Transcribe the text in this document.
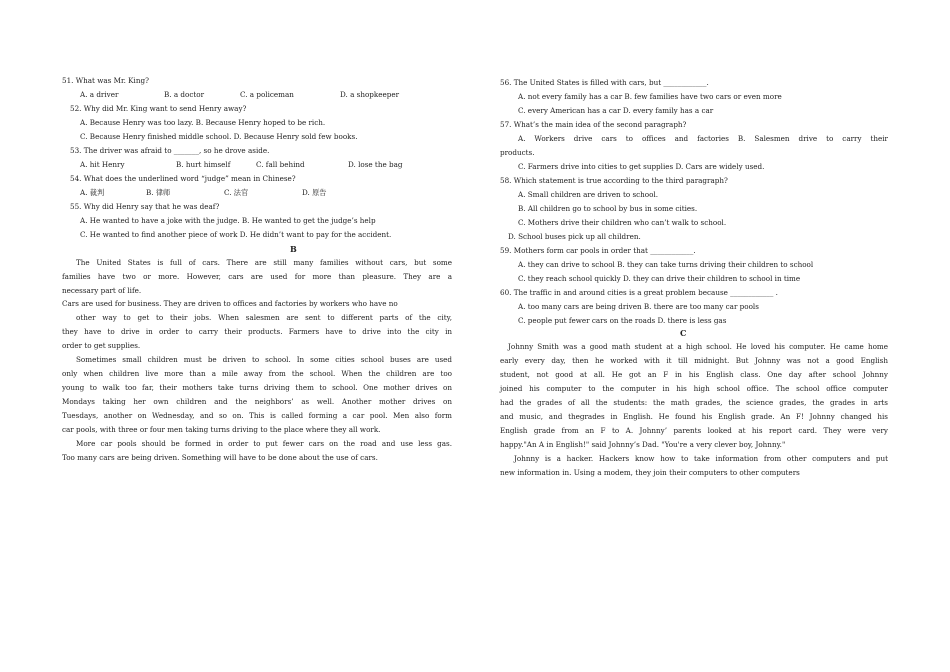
51. What was Mr. King?
A. a driver	B. a doctor	C. a policeman	D. a shopkeeper
52. Why did Mr. King want to send Henry away?
A. Because Henry was too lazy. B. Because Henry hoped to be rich.
C. Because Henry finished middle school. D. Because Henry sold few books.
53. The driver was afraid to _______, so he drove aside.
A. hit Henry	B. hurt himself	C. fall behind	D. lose the bag
54. What does the underlined word “judge” mean in Chinese?
A. 裁判	B. 律师	C. 法官	D. 原告
55. Why did Henry say that he was deaf?
A. He wanted to have a joke with the judge. B. He wanted to get the judge’s help
C. He wanted to find another piece of work D. He didn’t want to pay for the accident.
B
The United States is full of cars. There are still many families without cars, but some
families have two or more. However, cars are used for more than pleasure. They are a
necessary part of life.
Cars are used for business. They are driven to offices and factories by workers who have no
other way to get to their jobs. When salesmen are sent to different parts of the city,
they have to drive in order to carry their products. Farmers have to drive into the city in
order to get supplies.
Sometimes small children must be driven to school. In some cities school buses are used
only when children live more than a mile away from the school. When the children are too
young to walk too far, their mothers take turns driving them to school. One mother drives on
Mondays taking her own children and the neighbors’ as well. Another mother drives on
Tuesdays, another on Wednesday, and so on. This is called forming a car pool. Men also form
car pools, with three or four men taking turns driving to the place where they all work.
More car pools should be formed in order to put fewer cars on the road and use less gas.
Too many cars are being driven. Something will have to be done about the use of cars.
56. The United States is filled with cars, but ____________.
A. not every family has a car B. few families have two cars or even more
C. every American has a car D. every family has a car
57. What’s the main idea of the second paragraph?
A. Workers drive cars to offices and factories B. Salesmen drive to carry their
products.
C. Farmers drive into cities to get supplies D. Cars are widely used.
58. Which statement is true according to the third paragraph?
A. Small children are driven to school.
B. All children go to school by bus in some cities.
C. Mothers drive their children who can’t walk to school.
D. School buses pick up all children.
59. Mothers form car pools in order that ____________.
A. they can drive to school B. they can take turns driving their children to school
C. they reach school quickly D. they can drive their children to school in time
60. The traffic in and around cities is a great problem because ____________ .
A. too many cars are being driven B. there are too many car pools
C. people put fewer cars on the roads D. there is less gas
C
Johnny Smith was a good math student at a high school. He loved his computer. He came home
early every day, then he worked with it till midnight. But Johnny was not a good English
student, not good at all. He got an F in his English class. One day after school Johnny
joined his computer to the computer in his high school office. The school office computer
had the grades of all the students: the math grades, the science grades, the grades in arts
and music, and thegrades in English. He found his English grade. An F! Johnny changed his
English grade from an F to A. Johnny’ parents looked at his report card. They were very
happy."An A in English!" said Johnny’s Dad. "You're a very clever boy, Johnny."
Johnny is a hacker. Hackers know how to take information from other computers and put
new information in. Using a modem, they join their computers to other computers
